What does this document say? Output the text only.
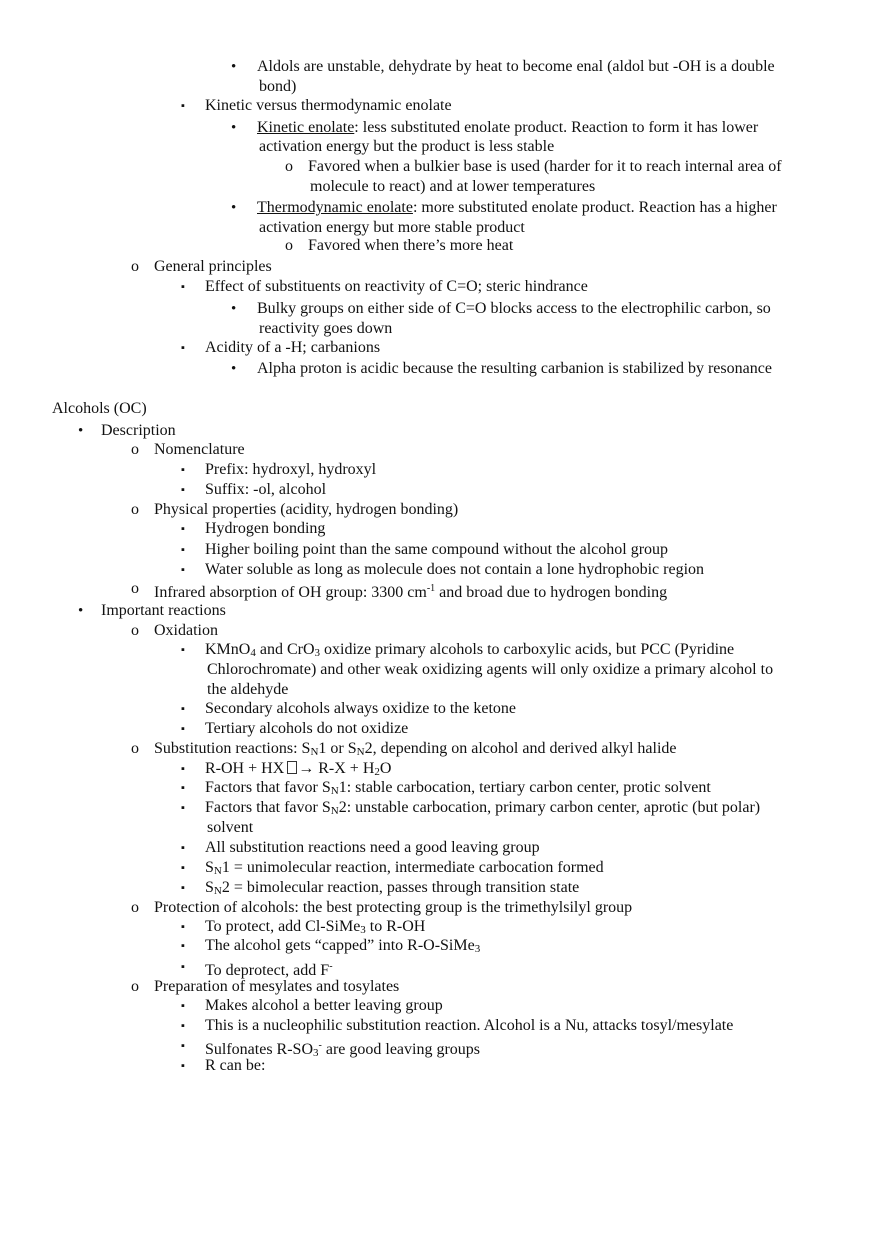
• Aldols are unstable, dehydrate by heat to become enal (aldol but -OH is a double
bond)
▪ Kinetic versus thermodynamic enolate
• Kinetic enolate: less substituted enolate product. Reaction to form it has lower
activation energy but the product is less stable
o Favored when a bulkier base is used (harder for it to reach internal area of
molecule to react) and at lower temperatures
• Thermodynamic enolate: more substituted enolate product. Reaction has a higher
activation energy but more stable product
o Favored when there’s more heat
o General principles
▪ Effect of substituents on reactivity of C=O; steric hindrance
• Bulky groups on either side of C=O blocks access to the electrophilic carbon, so
reactivity goes down
▪ Acidity of a -H; carbanions
• Alpha proton is acidic because the resulting carbanion is stabilized by resonance
Alcohols (OC)
• Description
o Nomenclature
▪ Prefix: hydroxyl, hydroxyl
▪ Suffix: -ol, alcohol
o Physical properties (acidity, hydrogen bonding)
▪ Hydrogen bonding
▪ Higher boiling point than the same compound without the alcohol group
▪ Water soluble as long as molecule does not contain a lone hydrophobic region
o Infrared absorption of OH group: 3300 $cm^{-1}$ and broad due to hydrogen bonding
• Important reactions
o Oxidation
▪ KMnO4 and CrO3 oxidize primary alcohols to carboxylic acids, but PCC (Pyridine
Chlorochromate) and other weak oxidizing agents will only oxidize a primary alcohol to
the aldehyde
▪ Secondary alcohols always oxidize to the ketone
▪ Tertiary alcohols do not oxidize
o Substitution reactions: SN1 or SN2, depending on alcohol and derived alkyl halide
▪ R-OH + HX → R-X + H2O
▪ Factors that favor SN1: stable carbocation, tertiary carbon center, protic solvent
▪ Factors that favor SN2: unstable carbocation, primary carbon center, aprotic (but polar)
solvent
▪ All substitution reactions need a good leaving group
▪ SN1 = unimolecular reaction, intermediate carbocation formed
▪ SN2 = bimolecular reaction, passes through transition state
o Protection of alcohols: the best protecting group is the trimethylsilyl group
▪ To protect, add Cl-SiMe3 to R-OH
▪ The alcohol gets “capped” into R-O-SiMe3
▪ To deprotect, add F-
o Preparation of mesylates and tosylates
▪ Makes alcohol a better leaving group
▪ This is a nucleophilic substitution reaction. Alcohol is a Nu, attacks tosyl/mesylate
▪ Sulfonates R-SO3- are good leaving groups
▪ R can be:
